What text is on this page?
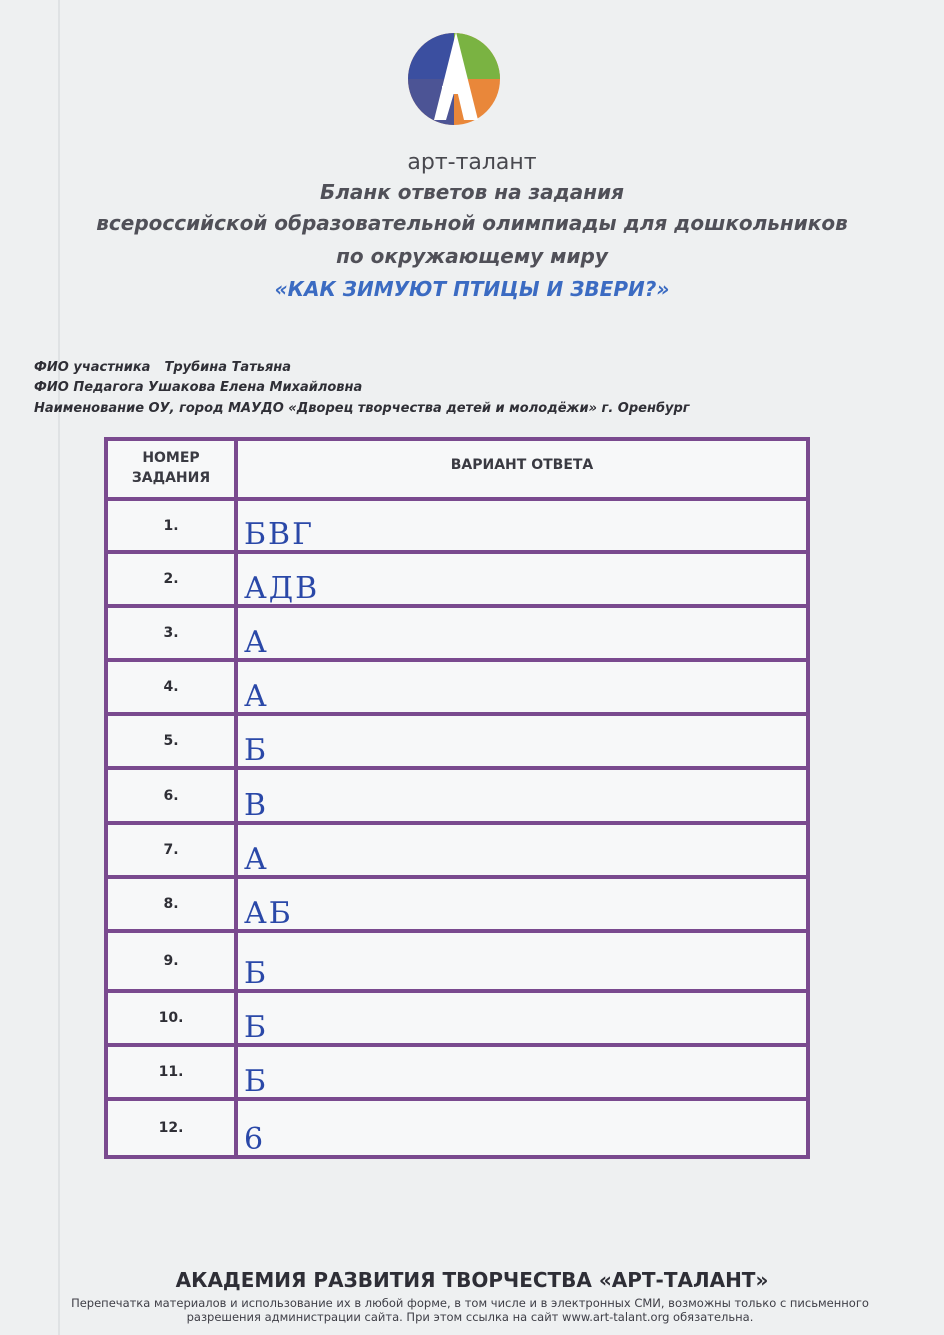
арт-талант
Бланк ответов на задания
всероссийской образовательной олимпиады для дошкольников
по окружающему миру
«КАК ЗИМУЮТ ПТИЦЫ И ЗВЕРИ?»
ФИО участника Трубина Татьяна
ФИО Педагога Ушакова Елена Михайловна
Наименование ОУ, город МАУДО «Дворец творчества детей и молодёжи» г. Оренбург
НОМЕР ЗАДАНИЯ
ВАРИАНТ ОТВЕТА
1.	БВГ
2.	АДВ
3.	А
4.	А
5.	Б
6.	В
7.	А
8.	АБ
9.	Б
10.	Б
11.	Б
12.	6
АКАДЕМИЯ РАЗВИТИЯ ТВОРЧЕСТВА «АРТ-ТАЛАНТ»
Перепечатка материалов и использование их в любой форме, в том числе и в электронных СМИ, возможны только с письменного разрешения администрации сайта. При этом ссылка на сайт www.art-talant.org обязательна.
